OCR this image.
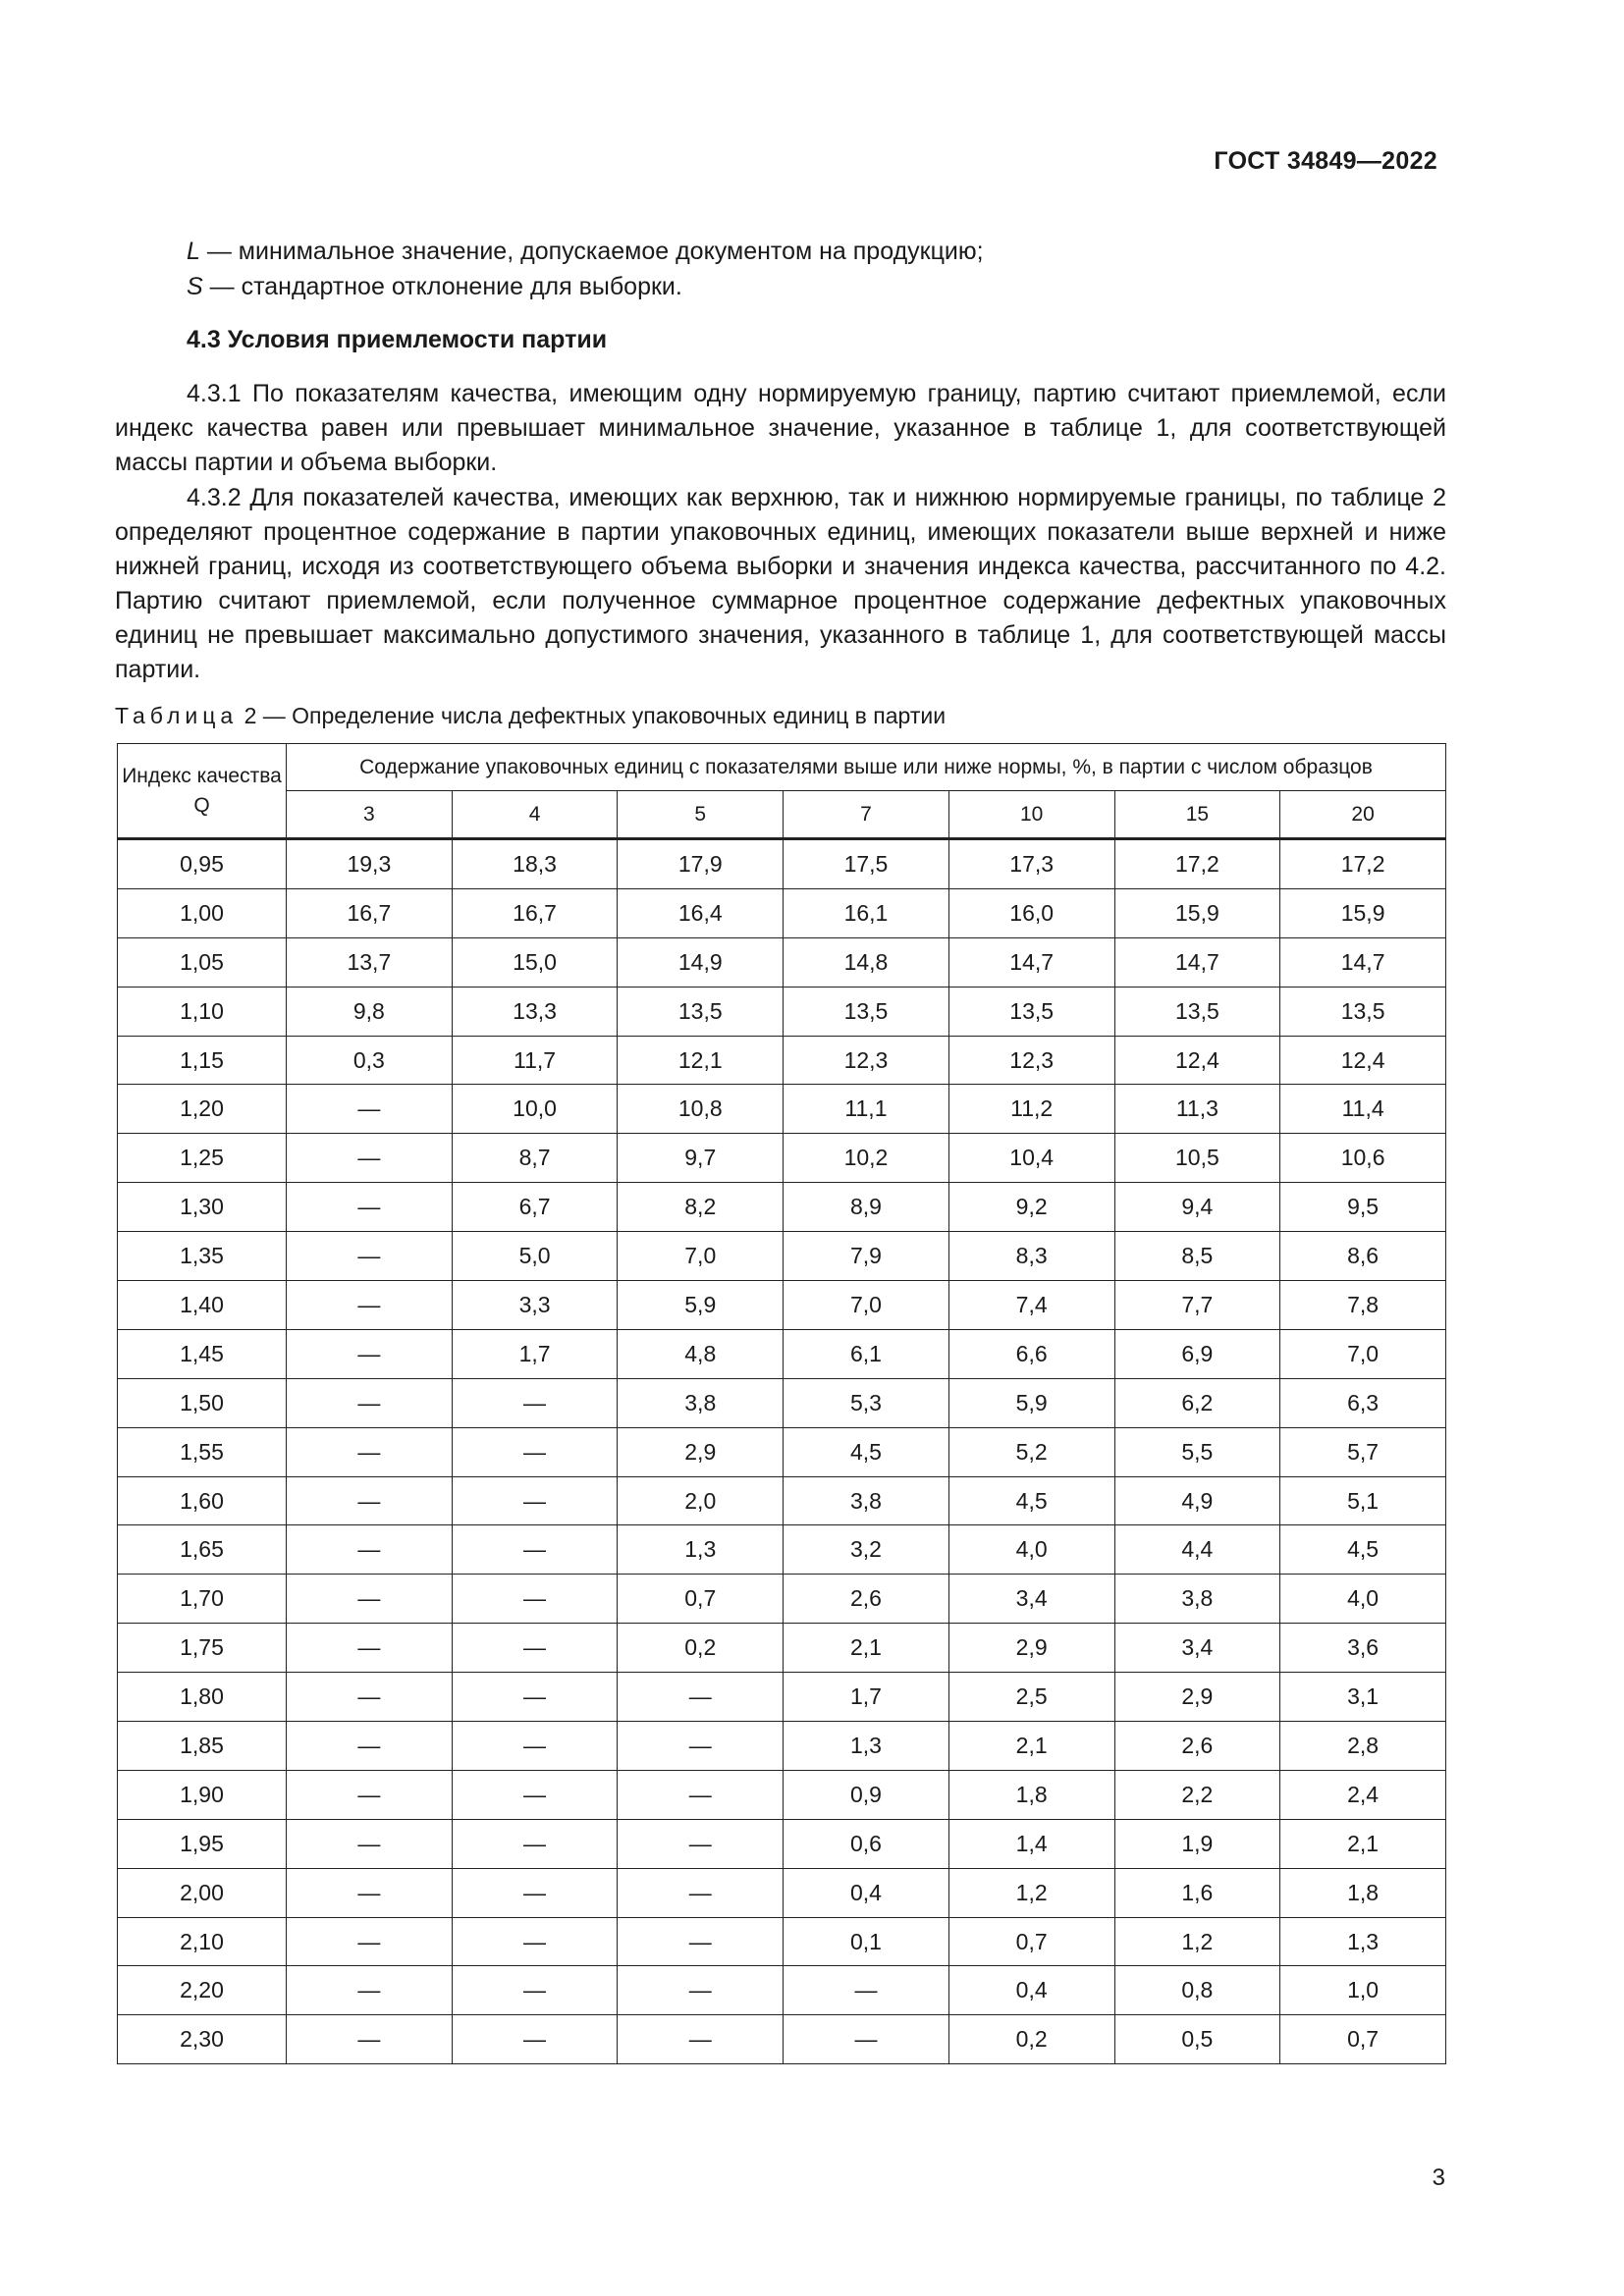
ГОСТ 34849—2022
L — минимальное значение, допускаемое документом на продукцию;
S — стандартное отклонение для выборки.
4.3 Условия приемлемости партии
4.3.1 По показателям качества, имеющим одну нормируемую границу, партию считают приемлемой, если индекс качества равен или превышает минимальное значение, указанное в таблице 1, для соответствующей массы партии и объема выборки.
4.3.2 Для показателей качества, имеющих как верхнюю, так и нижнюю нормируемые границы, по таблице 2 определяют процентное содержание в партии упаковочных единиц, имеющих показатели выше верхней и ниже нижней границ, исходя из соответствующего объема выборки и значения индекса качества, рассчитанного по 4.2. Партию считают приемлемой, если полученное суммарное процентное содержание дефектных упаковочных единиц не превышает максимально допустимого значения, указанного в таблице 1, для соответствующей массы партии.
Таблица 2 — Определение числа дефектных упаковочных единиц в партии
Индекс качества Q	Содержание упаковочных единиц с показателями выше или ниже нормы, %, в партии с числом образцов						
	3	4	5	7	10	15	20
0,95	19,3	18,3	17,9	17,5	17,3	17,2	17,2
1,00	16,7	16,7	16,4	16,1	16,0	15,9	15,9
1,05	13,7	15,0	14,9	14,8	14,7	14,7	14,7
1,10	9,8	13,3	13,5	13,5	13,5	13,5	13,5
1,15	0,3	11,7	12,1	12,3	12,3	12,4	12,4
1,20	—	10,0	10,8	11,1	11,2	11,3	11,4
1,25	—	8,7	9,7	10,2	10,4	10,5	10,6
1,30	—	6,7	8,2	8,9	9,2	9,4	9,5
1,35	—	5,0	7,0	7,9	8,3	8,5	8,6
1,40	—	3,3	5,9	7,0	7,4	7,7	7,8
1,45	—	1,7	4,8	6,1	6,6	6,9	7,0
1,50	—	—	3,8	5,3	5,9	6,2	6,3
1,55	—	—	2,9	4,5	5,2	5,5	5,7
1,60	—	—	2,0	3,8	4,5	4,9	5,1
1,65	—	—	1,3	3,2	4,0	4,4	4,5
1,70	—	—	0,7	2,6	3,4	3,8	4,0
1,75	—	—	0,2	2,1	2,9	3,4	3,6
1,80	—	—	—	1,7	2,5	2,9	3,1
1,85	—	—	—	1,3	2,1	2,6	2,8
1,90	—	—	—	0,9	1,8	2,2	2,4
1,95	—	—	—	0,6	1,4	1,9	2,1
2,00	—	—	—	0,4	1,2	1,6	1,8
2,10	—	—	—	0,1	0,7	1,2	1,3
2,20	—	—	—	—	0,4	0,8	1,0
2,30	—	—	—	—	0,2	0,5	0,7
3
